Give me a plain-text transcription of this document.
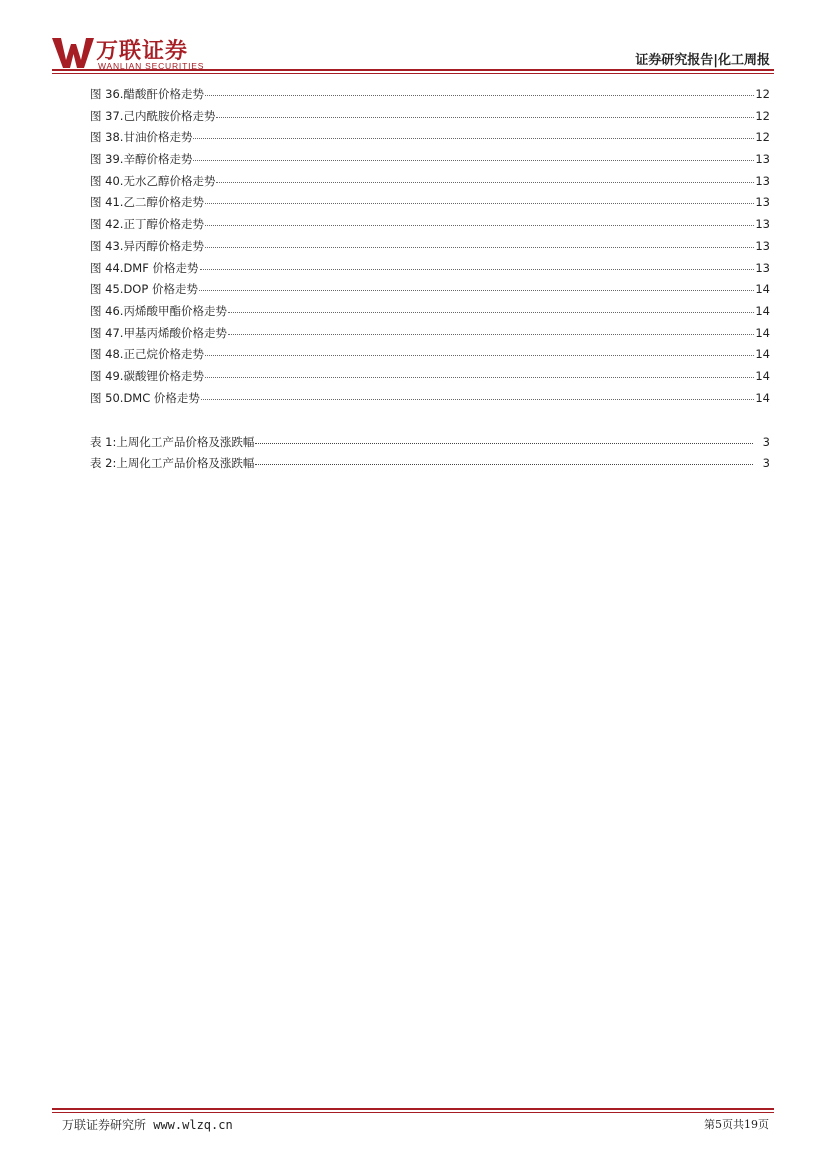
万联证券
WANLIAN SECURITIES	证券研究报告|化工周报
图 36.醋酸酐价格走势	12
图 37.己内酰胺价格走势	12
图 38.甘油价格走势	12
图 39.辛醇价格走势	13
图 40.无水乙醇价格走势	13
图 41.乙二醇价格走势	13
图 42.正丁醇价格走势	13
图 43.异丙醇价格走势	13
图 44.DMF 价格走势	13
图 45.DOP 价格走势	14
图 46.丙烯酸甲酯价格走势	14
图 47.甲基丙烯酸价格走势	14
图 48.正己烷价格走势	14
图 49.碳酸锂价格走势	14
图 50.DMC 价格走势	14
表 1:上周化工产品价格及涨跌幅	3
表 2:上周化工产品价格及涨跌幅	3
万联证券研究所 www.wlzq.cn	第5页共19页
